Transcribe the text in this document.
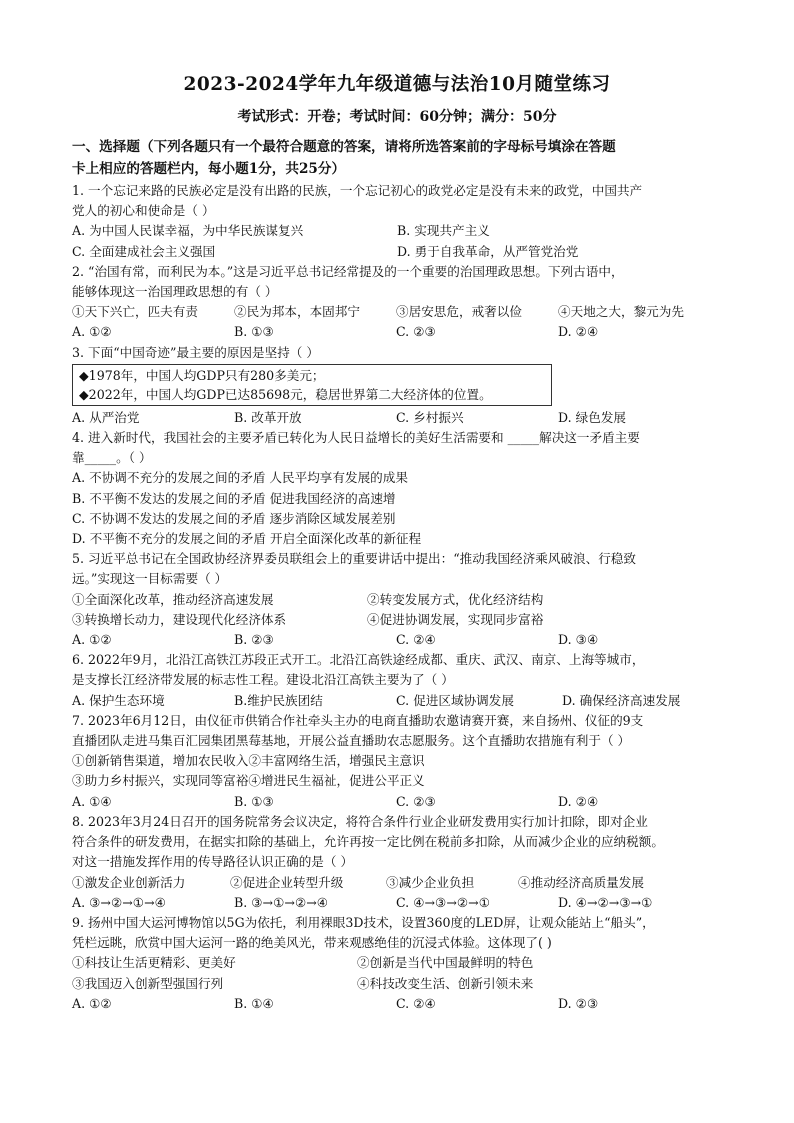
2023-2024学年九年级道德与法治10月随堂练习
考试形式：开卷；考试时间：60分钟；满分：50分
一、选择题（下列各题只有一个最符合题意的答案，请将所选答案前的字母标号填涂在答题
卡上相应的答题栏内，每小题1分，共25分）
1. 一个忘记来路的民族必定是没有出路的民族，一个忘记初心的政党必定是没有未来的政党，中国共产
党人的初心和使命是（ ）
A. 为中国人民谋幸福，为中华民族谋复兴	B. 实现共产主义
C. 全面建成社会主义强国	D. 勇于自我革命，从严管党治党
2. “治国有常，而利民为本。”这是习近平总书记经常提及的一个重要的治国理政思想。下列古语中，
能够体现这一治国理政思想的有（ ）
①天下兴亡，匹夫有责	②民为邦本，本固邦宁	③居安思危，戒奢以俭	④天地之大，黎元为先
A. ①②	B. ①③	C. ②③	D. ②④
3. 下面“中国奇迹”最主要的原因是坚持（ ）
◆1978年，中国人均GDP只有280多美元；
◆2022年，中国人均GDP已达85698元，稳居世界第二大经济体的位置。
A. 从严治党	B. 改革开放	C. 乡村振兴	D. 绿色发展
4. 进入新时代，我国社会的主要矛盾已转化为人民日益增长的美好生活需要和 _____解决这一矛盾主要
靠_____。（ ）
A. 不协调不充分的发展之间的矛盾 人民平均享有发展的成果
B. 不平衡不发达的发展之间的矛盾 促进我国经济的高速增
C. 不协调不发达的发展之间的矛盾 逐步消除区域发展差别
D. 不平衡不充分的发展之间的矛盾 开启全面深化改革的新征程
5. 习近平总书记在全国政协经济界委员联组会上的重要讲话中提出：“推动我国经济乘风破浪、行稳致
远。”实现这一目标需要（ ）
①全面深化改革，推动经济高速发展	②转变发展方式，优化经济结构
③转换增长动力，建设现代化经济体系	④促进协调发展，实现同步富裕
A. ①②	B. ②③	C. ②④	D. ③④
6. 2022年9月，北沿江高铁江苏段正式开工。北沿江高铁途经成都、重庆、武汉、南京、上海等城市，
是支撑长江经济带发展的标志性工程。建设北沿江高铁主要为了（ ）
A. 保护生态环境	B.维护民族团结	C. 促进区域协调发展	D. 确保经济高速发展
7. 2023年6月12日，由仪征市供销合作社牵头主办的电商直播助农邀请赛开赛，来自扬州、仪征的9支
直播团队走进马集百汇园集团黑莓基地，开展公益直播助农志愿服务。这个直播助农措施有利于（ ）
①创新销售渠道，增加农民收入②丰富网络生活，增强民主意识
③助力乡村振兴，实现同等富裕④增进民生福祉，促进公平正义
A. ①④	B. ①③	C. ②③	D. ②④
8. 2023年3月24日召开的国务院常务会议决定，将符合条件行业企业研发费用实行加计扣除，即对企业
符合条件的研发费用，在据实扣除的基础上，允许再按一定比例在税前多扣除，从而减少企业的应纳税额。
对这一措施发挥作用的传导路径认识正确的是（ ）
①激发企业创新活力	②促进企业转型升级	③减少企业负担	④推动经济高质量发展
A. ③→②→①→④	B. ③→①→②→④	C. ④→③→②→①	D. ④→②→③→①
9. 扬州中国大运河博物馆以5G为依托，利用裸眼3D技术，设置360度的LED屏，让观众能站上“船头”，
凭栏远眺，欣赏中国大运河一路的绝美风光，带来观感绝佳的沉浸式体验。这体现了( )
①科技让生活更精彩、更美好	②创新是当代中国最鲜明的特色
③我国迈入创新型强国行列	④科技改变生活、创新引领未来
A. ①②	B. ①④	C. ②④	D. ②③
